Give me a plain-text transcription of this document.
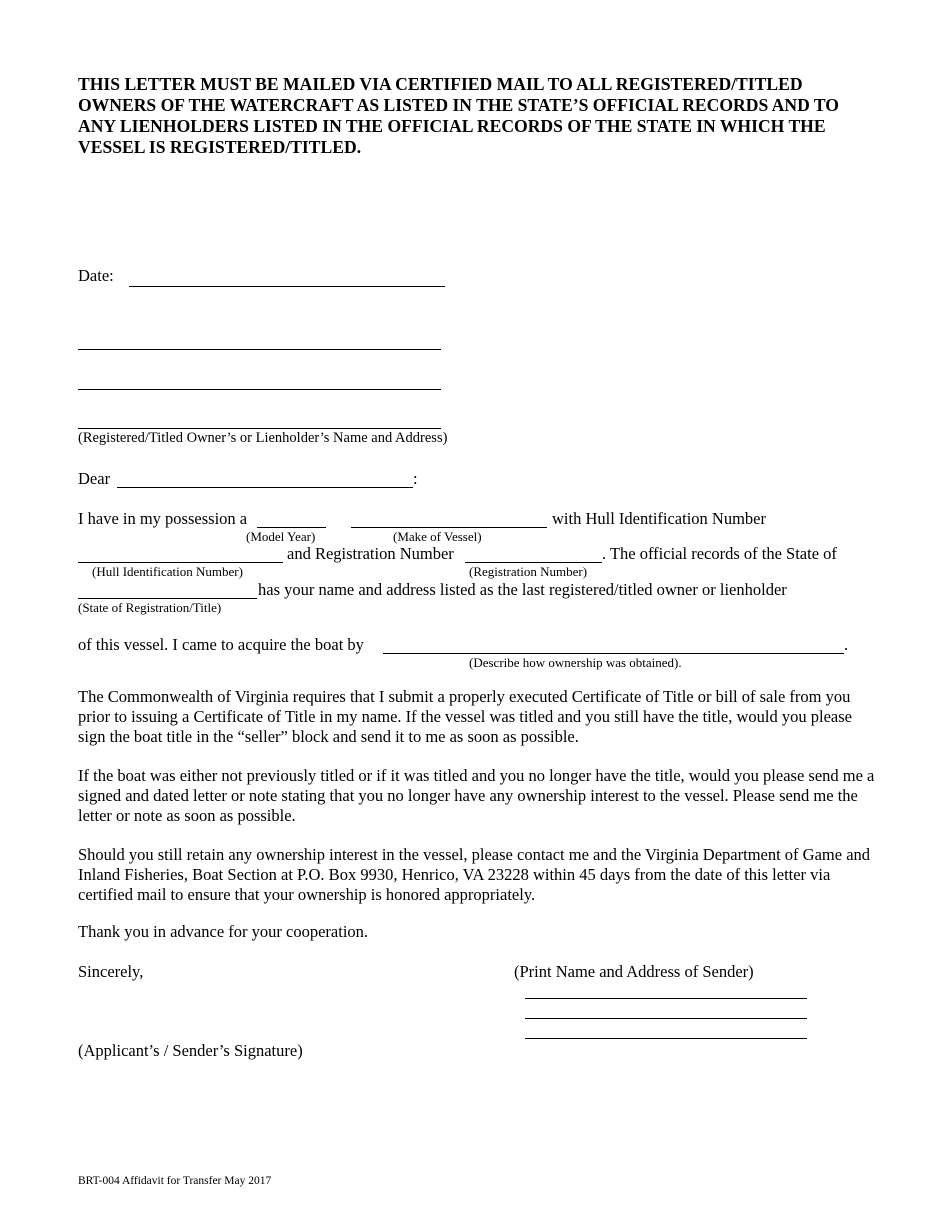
THIS LETTER MUST BE MAILED VIA CERTIFIED MAIL TO ALL REGISTERED/TITLED OWNERS OF THE WATERCRAFT AS LISTED IN THE STATE’S OFFICIAL RECORDS AND TO ANY LIENHOLDERS LISTED IN THE OFFICIAL RECORDS OF THE STATE IN WHICH THE VESSEL IS REGISTERED/TITLED.
Date:
(Registered/Titled Owner’s or Lienholder’s Name and Address)
Dear	:
I have in my possession a	with Hull Identification Number
(Model Year)	(Make of Vessel)
and Registration Number	. The official records of the State of
(Hull Identification Number)	(Registration Number)
has your name and address listed as the last registered/titled owner or lienholder
(State of Registration/Title)
of this vessel. I came to acquire the boat by	.
(Describe how ownership was obtained).
The Commonwealth of Virginia requires that I submit a properly executed Certificate of Title or bill of sale from you prior to issuing a Certificate of Title in my name. If the vessel was titled and you still have the title, would you please sign the boat title in the “seller” block and send it to me as soon as possible.
If the boat was either not previously titled or if it was titled and you no longer have the title, would you please send me a signed and dated letter or note stating that you no longer have any ownership interest to the vessel. Please send me the letter or note as soon as possible.
Should you still retain any ownership interest in the vessel, please contact me and the Virginia Department of Game and Inland Fisheries, Boat Section at P.O. Box 9930, Henrico, VA 23228 within 45 days from the date of this letter via certified mail to ensure that your ownership is honored appropriately.
Thank you in advance for your cooperation.
Sincerely,	(Print Name and Address of Sender)
(Applicant’s / Sender’s Signature)
BRT-004 Affidavit for Transfer May 2017
